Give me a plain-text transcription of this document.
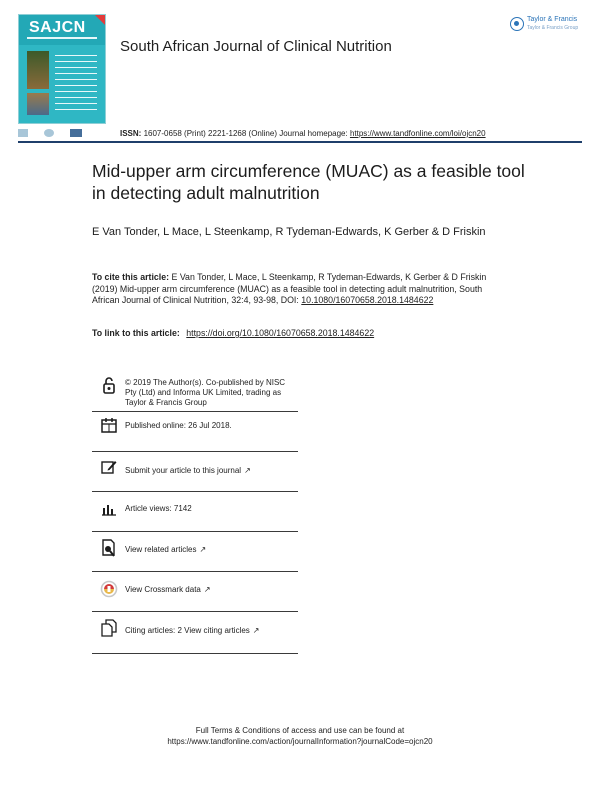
SAJCN
South African Journal of Clinical Nutrition
Taylor & Francis
Taylor & Francis Group
ISSN: 1607-0658 (Print) 2221-1268 (Online) Journal homepage: https://www.tandfonline.com/loi/ojcn20
Mid-upper arm circumference (MUAC) as a feasible tool in detecting adult malnutrition
E Van Tonder, L Mace, L Steenkamp, R Tydeman-Edwards, K Gerber & D Friskin
To cite this article: E Van Tonder, L Mace, L Steenkamp, R Tydeman-Edwards, K Gerber & D Friskin (2019) Mid-upper arm circumference (MUAC) as a feasible tool in detecting adult malnutrition, South African Journal of Clinical Nutrition, 32:4, 93-98, DOI: 10.1080/16070658.2018.1484622
To link to this article: https://doi.org/10.1080/16070658.2018.1484622
© 2019 The Author(s). Co-published by NISC Pty (Ltd) and Informa UK Limited, trading as Taylor & Francis Group
Published online: 26 Jul 2018.
Submit your article to this journal ↗
Article views: 7142
View related articles ↗
View Crossmark data ↗
Citing articles: 2 View citing articles ↗
Full Terms & Conditions of access and use can be found at
https://www.tandfonline.com/action/journalInformation?journalCode=ojcn20
